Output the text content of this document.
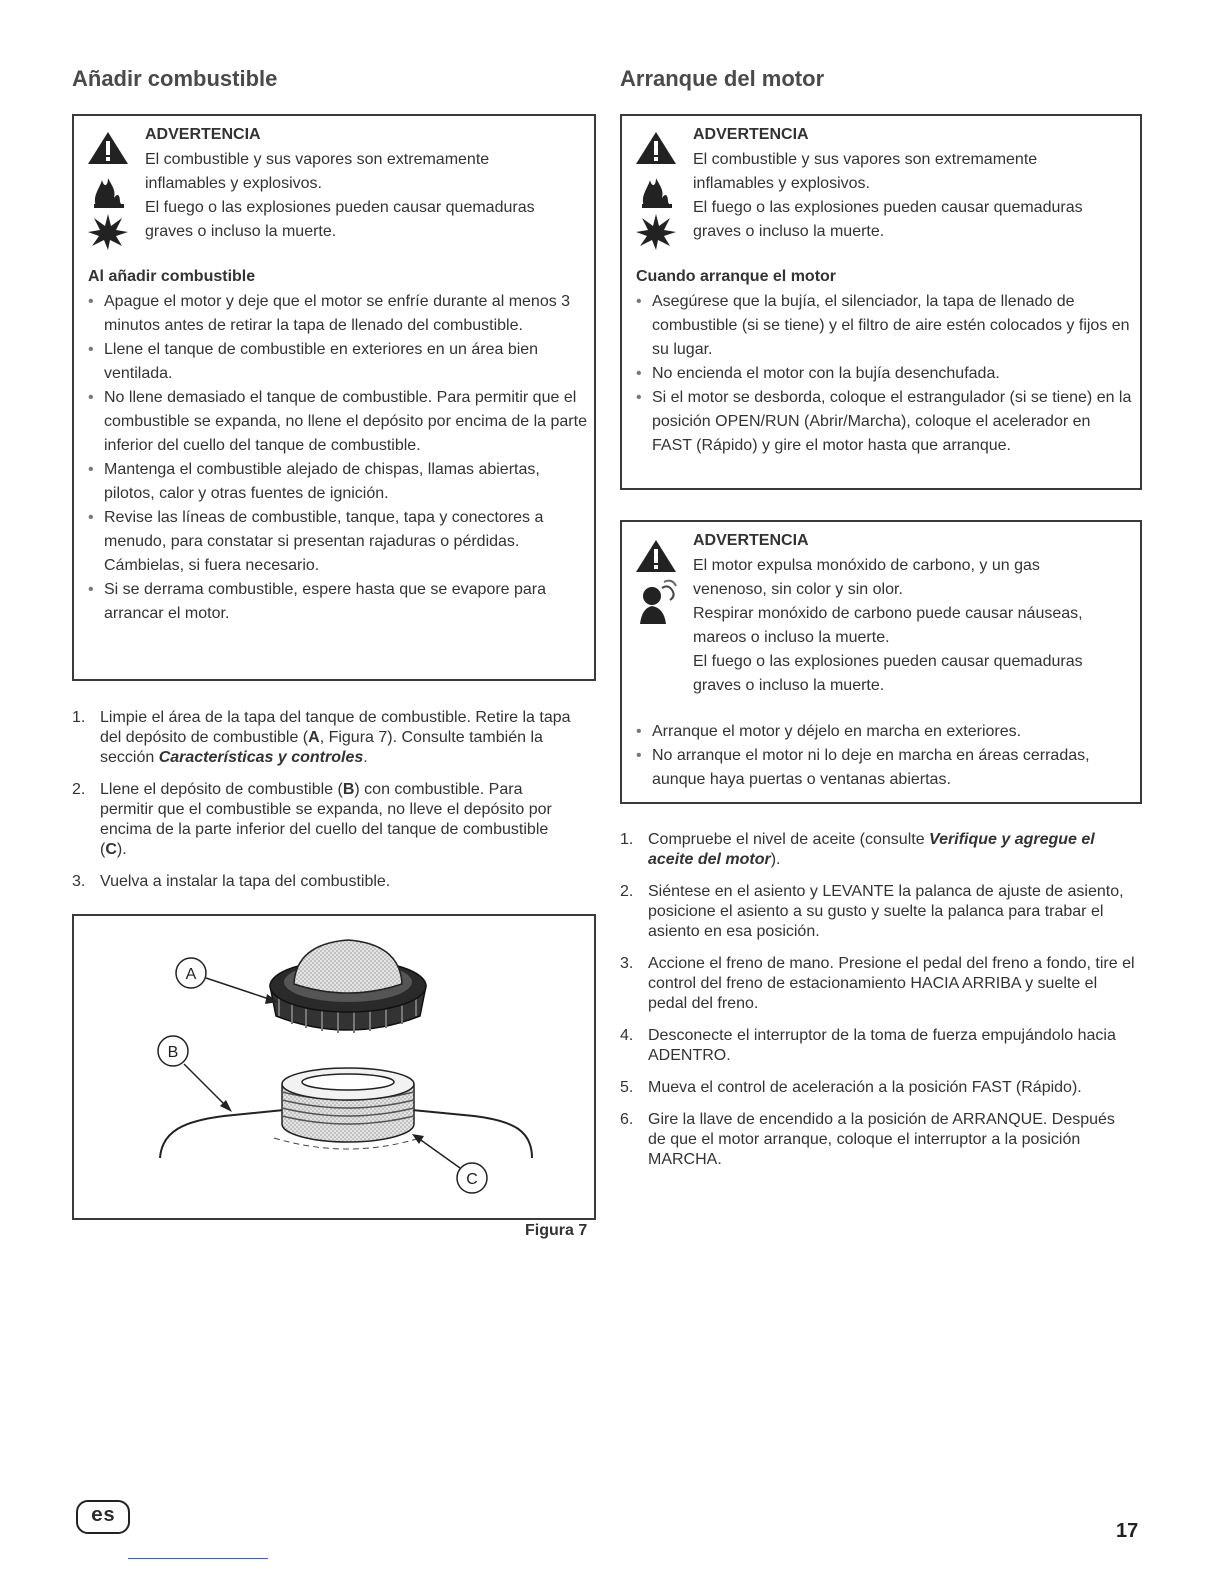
Añadir combustible
ADVERTENCIA
El combustible y sus vapores son extremamente
inflamables y explosivos.
El fuego o las explosiones pueden causar quemaduras
graves o incluso la muerte.
Al añadir combustible
• Apague el motor y deje que el motor se enfríe durante al menos 3 minutos antes de retirar la tapa de llenado del combustible.
• Llene el tanque de combustible en exteriores en un área bien ventilada.
• No llene demasiado el tanque de combustible. Para permitir que el combustible se expanda, no llene el depósito por encima de la parte inferior del cuello del tanque de combustible.
• Mantenga el combustible alejado de chispas, llamas abiertas, pilotos, calor y otras fuentes de ignición.
• Revise las líneas de combustible, tanque, tapa y conectores a menudo, para constatar si presentan rajaduras o pérdidas. Cámbielas, si fuera necesario.
• Si se derrama combustible, espere hasta que se evapore para arrancar el motor.
1. Limpie el área de la tapa del tanque de combustible. Retire la tapa del depósito de combustible (A, Figura 7). Consulte también la sección Características y controles.
2. Llene el depósito de combustible (B) con combustible. Para permitir que el combustible se expanda, no lleve el depósito por encima de la parte inferior del cuello del tanque de combustible (C).
3. Vuelva a instalar la tapa del combustible.
A
B
C
Figura 7
Arranque del motor
ADVERTENCIA
El combustible y sus vapores son extremamente
inflamables y explosivos.
El fuego o las explosiones pueden causar quemaduras
graves o incluso la muerte.
Cuando arranque el motor
• Asegúrese que la bujía, el silenciador, la tapa de llenado de combustible (si se tiene) y el filtro de aire estén colocados y fijos en su lugar.
• No encienda el motor con la bujía desenchufada.
• Si el motor se desborda, coloque el estrangulador (si se tiene) en la posición OPEN/RUN (Abrir/Marcha), coloque el acelerador en FAST (Rápido) y gire el motor hasta que arranque.
ADVERTENCIA
El motor expulsa monóxido de carbono, y un gas
venenoso, sin color y sin olor.
Respirar monóxido de carbono puede causar náuseas,
mareos o incluso la muerte.
El fuego o las explosiones pueden causar quemaduras
graves o incluso la muerte.
• Arranque el motor y déjelo en marcha en exteriores.
• No arranque el motor ni lo deje en marcha en áreas cerradas, aunque haya puertas o ventanas abiertas.
1. Compruebe el nivel de aceite (consulte Verifique y agregue el aceite del motor).
2. Siéntese en el asiento y LEVANTE la palanca de ajuste de asiento, posicione el asiento a su gusto y suelte la palanca para trabar el asiento en esa posición.
3. Accione el freno de mano. Presione el pedal del freno a fondo, tire el control del freno de estacionamiento HACIA ARRIBA y suelte el pedal del freno.
4. Desconecte el interruptor de la toma de fuerza empujándolo hacia ADENTRO.
5. Mueva el control de aceleración a la posición FAST (Rápido).
6. Gire la llave de encendido a la posición de ARRANQUE. Después de que el motor arranque, coloque el interruptor a la posición MARCHA.
es
17
